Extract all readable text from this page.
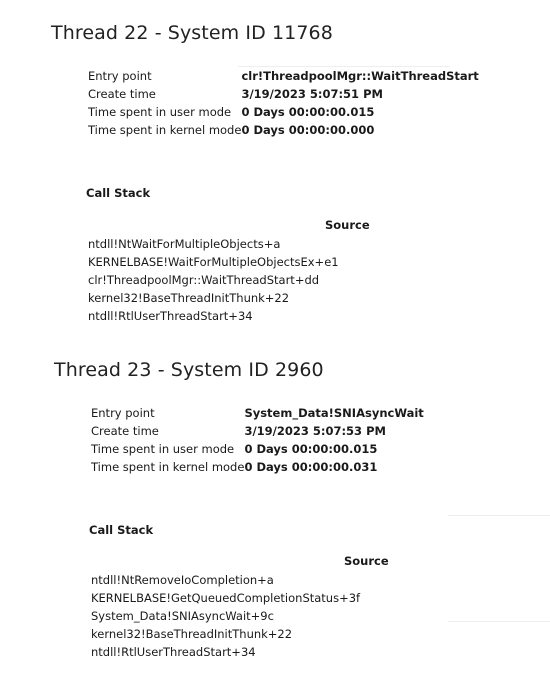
Thread 22 - System ID 11768
Entry point	clr!ThreadpoolMgr::WaitThreadStart
Create time	3/19/2023 5:07:51 PM
Time spent in user mode	0 Days 00:00:00.015
Time spent in kernel mode	0 Days 00:00:00.000
Call Stack
Source
ntdll!NtWaitForMultipleObjects+a
KERNELBASE!WaitForMultipleObjectsEx+e1
clr!ThreadpoolMgr::WaitThreadStart+dd
kernel32!BaseThreadInitThunk+22
ntdll!RtlUserThreadStart+34
Thread 23 - System ID 2960
Entry point	System_Data!SNIAsyncWait
Create time	3/19/2023 5:07:53 PM
Time spent in user mode	0 Days 00:00:00.015
Time spent in kernel mode	0 Days 00:00:00.031
Call Stack
Source
ntdll!NtRemoveIoCompletion+a
KERNELBASE!GetQueuedCompletionStatus+3f
System_Data!SNIAsyncWait+9c
kernel32!BaseThreadInitThunk+22
ntdll!RtlUserThreadStart+34
